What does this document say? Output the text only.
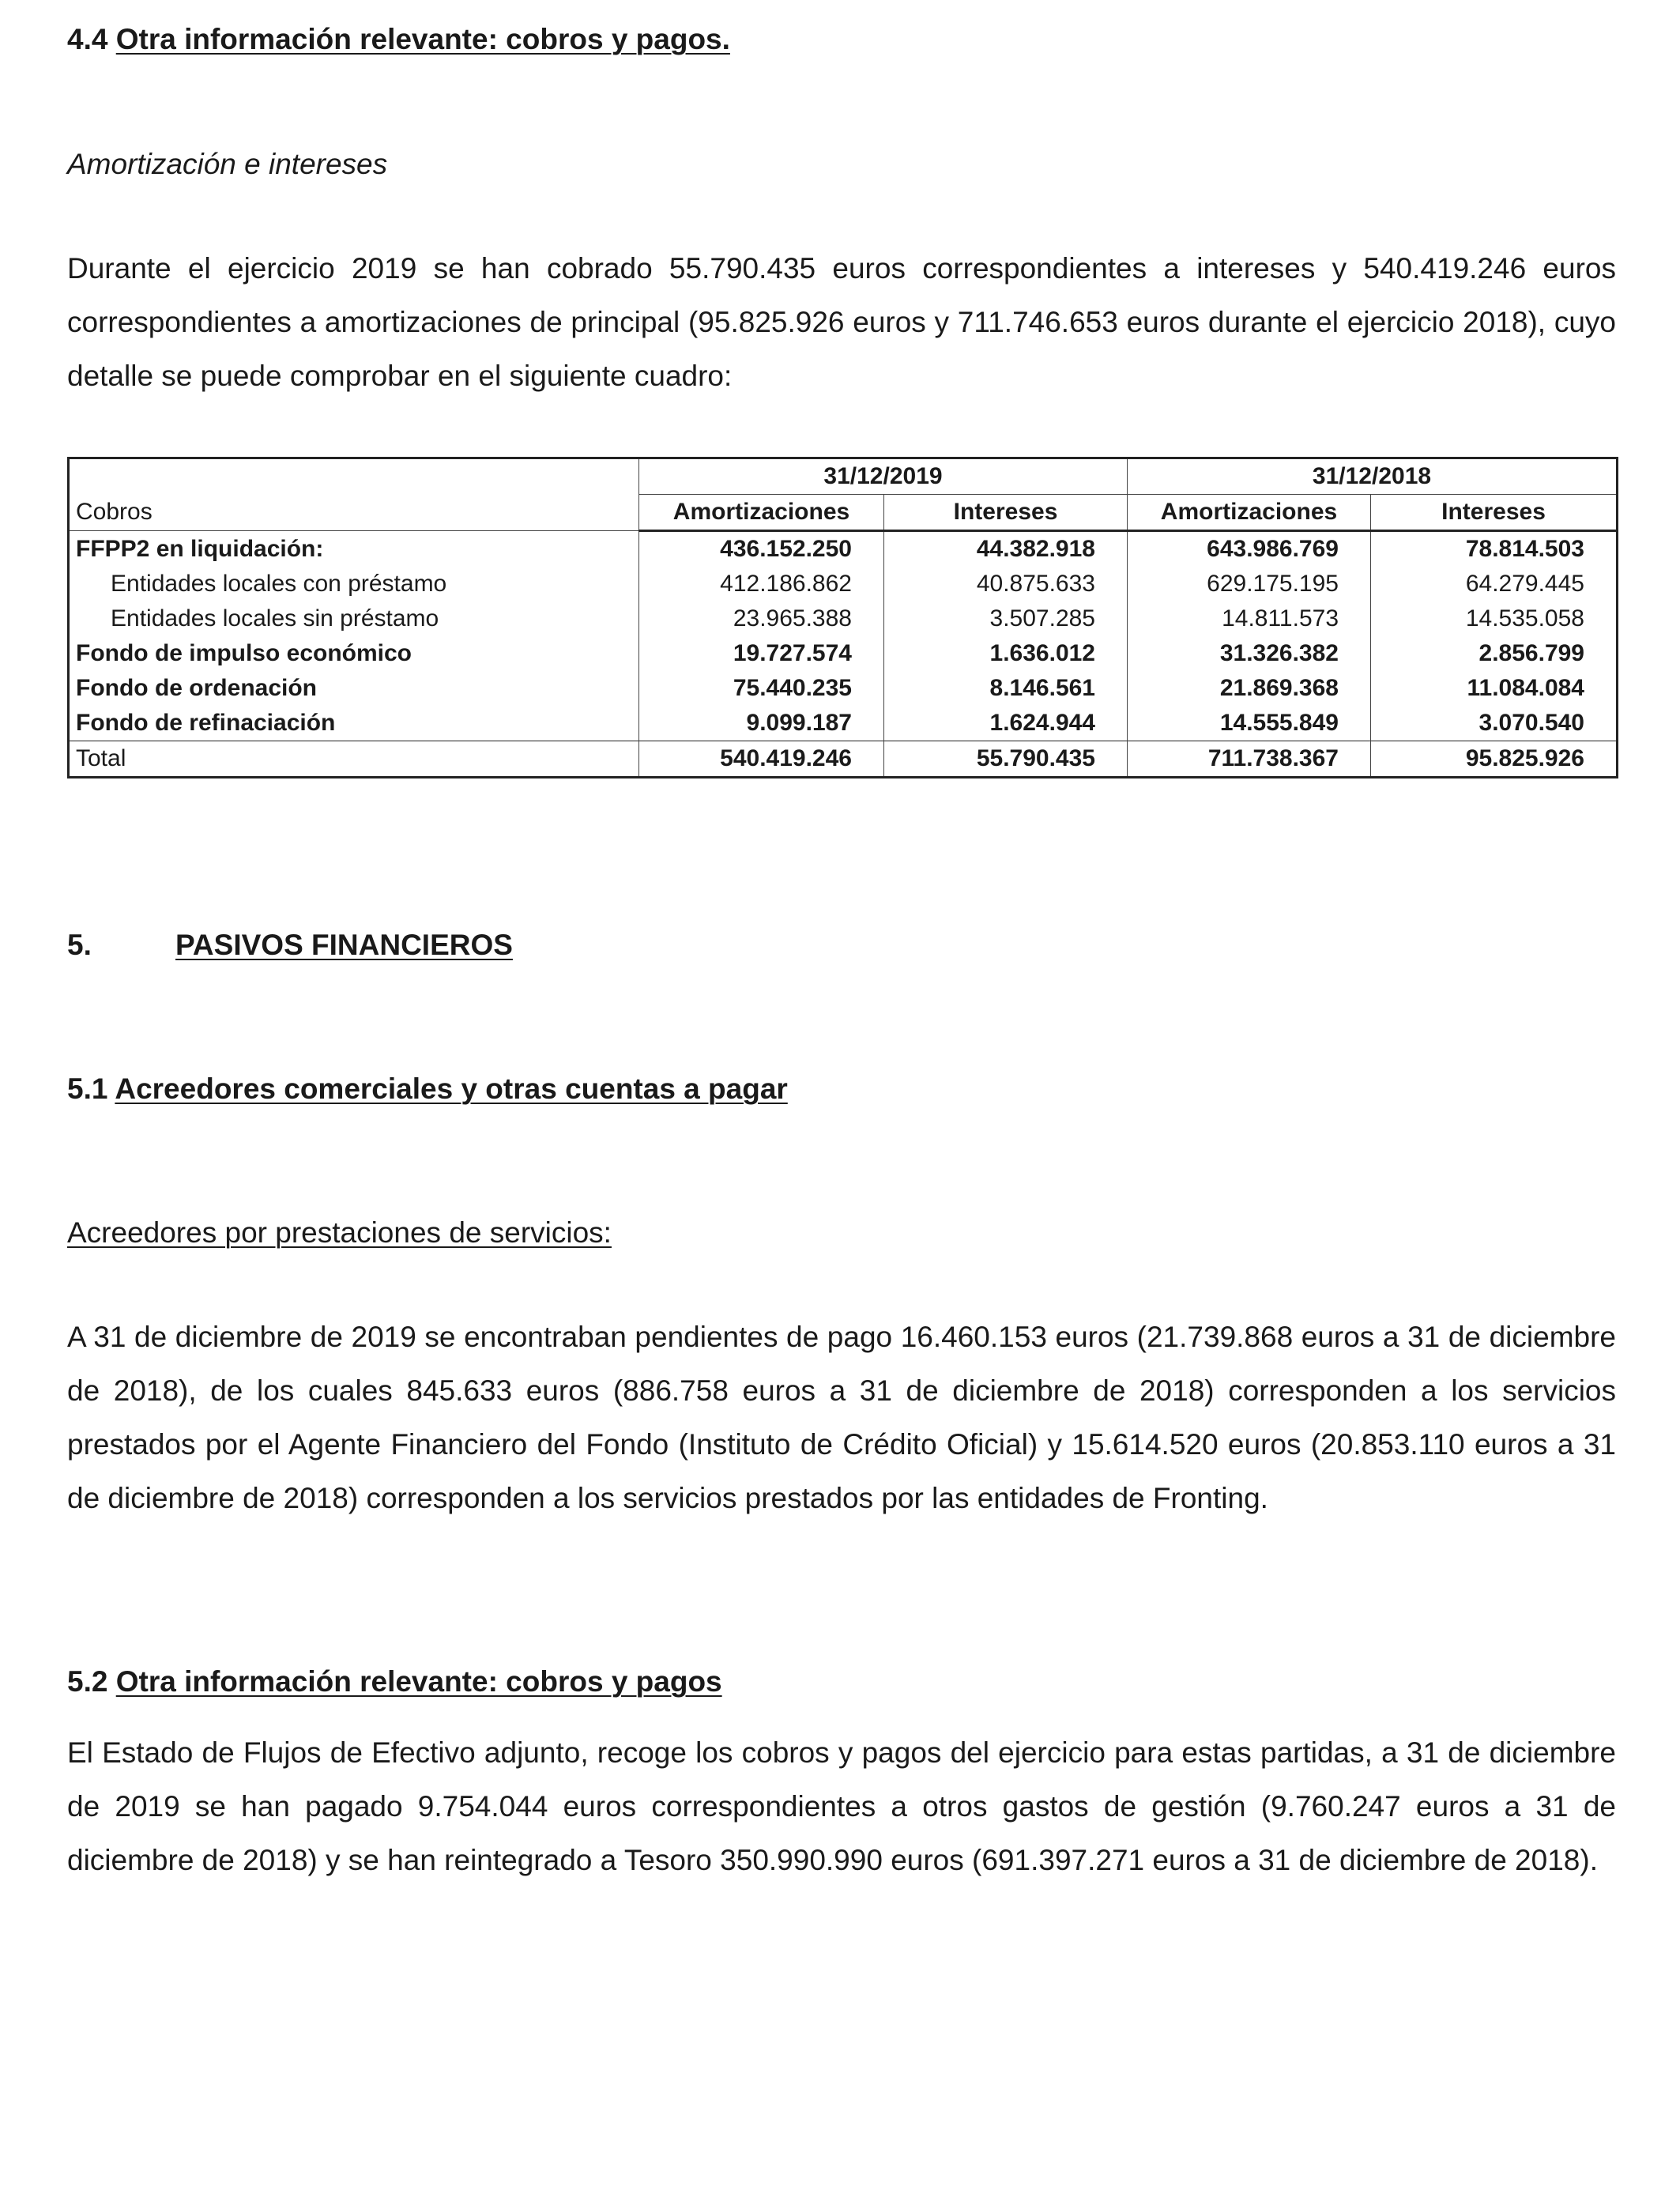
4.4 Otra información relevante: cobros y pagos.
Amortización e intereses
Durante el ejercicio 2019 se han cobrado 55.790.435 euros correspondientes a intereses y 540.419.246 euros correspondientes a amortizaciones de principal (95.825.926 euros y 711.746.653 euros durante el ejercicio 2018), cuyo detalle se puede comprobar en el siguiente cuadro:
	31/12/2019		31/12/2018	
Cobros	Amortizaciones	Intereses	Amortizaciones	Intereses
FFPP2 en liquidación:	436.152.250	44.382.918	643.986.769	78.814.503
Entidades locales con préstamo	412.186.862	40.875.633	629.175.195	64.279.445
Entidades locales sin préstamo	23.965.388	3.507.285	14.811.573	14.535.058
Fondo de impulso económico	19.727.574	1.636.012	31.326.382	2.856.799
Fondo de ordenación	75.440.235	8.146.561	21.869.368	11.084.084
Fondo de refinaciación	9.099.187	1.624.944	14.555.849	3.070.540
Total	540.419.246	55.790.435	711.738.367	95.825.926
5.	PASIVOS FINANCIEROS
5.1 Acreedores comerciales y otras cuentas a pagar
Acreedores por prestaciones de servicios:
A 31 de diciembre de 2019 se encontraban pendientes de pago 16.460.153 euros (21.739.868 euros a 31 de diciembre de 2018), de los cuales 845.633 euros (886.758 euros a 31 de diciembre de 2018) corresponden a los servicios prestados por el Agente Financiero del Fondo (Instituto de Crédito Oficial) y 15.614.520 euros (20.853.110 euros a 31 de diciembre de 2018) corresponden a los servicios prestados por las entidades de Fronting.
5.2 Otra información relevante: cobros y pagos
El Estado de Flujos de Efectivo adjunto, recoge los cobros y pagos del ejercicio para estas partidas, a 31 de diciembre de 2019 se han pagado 9.754.044 euros correspondientes a otros gastos de gestión (9.760.247 euros a 31 de diciembre de 2018) y se han reintegrado a Tesoro 350.990.990 euros (691.397.271 euros a 31 de diciembre de 2018).
